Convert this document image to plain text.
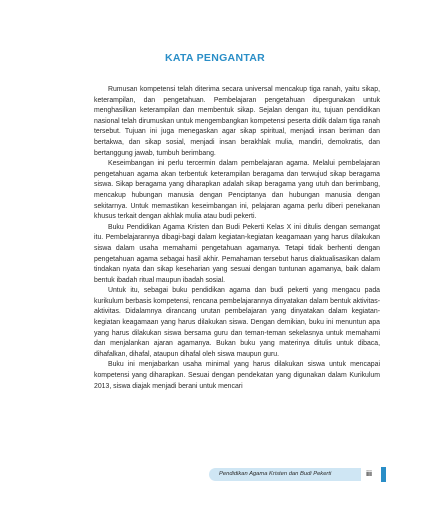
KATA PENGANTAR

Rumusan kompetensi telah diterima secara universal mencakup tiga ranah, yaitu sikap, keterampilan, dan pengetahuan. Pembelajaran pengetahuan dipergunakan untuk menghasilkan keterampilan dan membentuk sikap. Sejalan dengan itu, tujuan pendidikan nasional telah dirumuskan untuk mengembangkan kompetensi peserta didik dalam tiga ranah tersebut. Tujuan ini juga menegaskan agar sikap spiritual, menjadi insan beriman dan bertakwa, dan sikap sosial, menjadi insan berakhlak mulia, mandiri, demokratis, dan bertanggung jawab, tumbuh berimbang.

Keseimbangan ini perlu tercermin dalam pembelajaran agama. Melalui pembelajaran pengetahuan agama akan terbentuk keterampilan beragama dan terwujud sikap beragama siswa. Sikap beragama yang diharapkan adalah sikap beragama yang utuh dan berimbang, mencakup hubungan manusia dengan Penciptanya dan hubungan manusia dengan sekitarnya. Untuk memastikan keseimbangan ini, pelajaran agama perlu diberi penekanan khusus terkait dengan akhlak mulia atau budi pekerti.

Buku Pendidikan Agama Kristen dan Budi Pekerti Kelas X ini ditulis dengan semangat itu. Pembelajarannya dibagi-bagi dalam kegiatan-kegiatan keagamaan yang harus dilakukan siswa dalam usaha memahami pengetahuan agamanya. Tetapi tidak berhenti dengan pengetahuan agama sebagai hasil akhir. Pemahaman tersebut harus diaktualisasikan dalam tindakan nyata dan sikap keseharian yang sesuai dengan tuntunan agamanya, baik dalam bentuk ibadah ritual maupun ibadah sosial.

Untuk itu, sebagai buku pendidikan agama dan budi pekerti yang mengacu pada kurikulum berbasis kompetensi, rencana pembelajarannya dinyatakan dalam bentuk aktivitas-aktivitas. Didalamnya dirancang urutan pembelajaran yang dinyatakan dalam kegiatan-kegiatan keagamaan yang harus dilakukan siswa. Dengan demikian, buku ini menuntun apa yang harus dilakukan siswa bersama guru dan teman-teman sekelasnya untuk memahami dan menjalankan ajaran agamanya. Bukan buku yang materinya ditulis untuk dibaca, dihafalkan, dihafal, ataupun dihafal oleh siswa maupun guru.

Buku ini menjabarkan usaha minimal yang harus dilakukan siswa untuk mencapai kompetensi yang diharapkan. Sesuai dengan pendekatan yang digunakan dalam Kurikulum 2013, siswa diajak menjadi berani untuk mencari

Pendidikan Agama Kristen dan Budi Pekerti	iii
